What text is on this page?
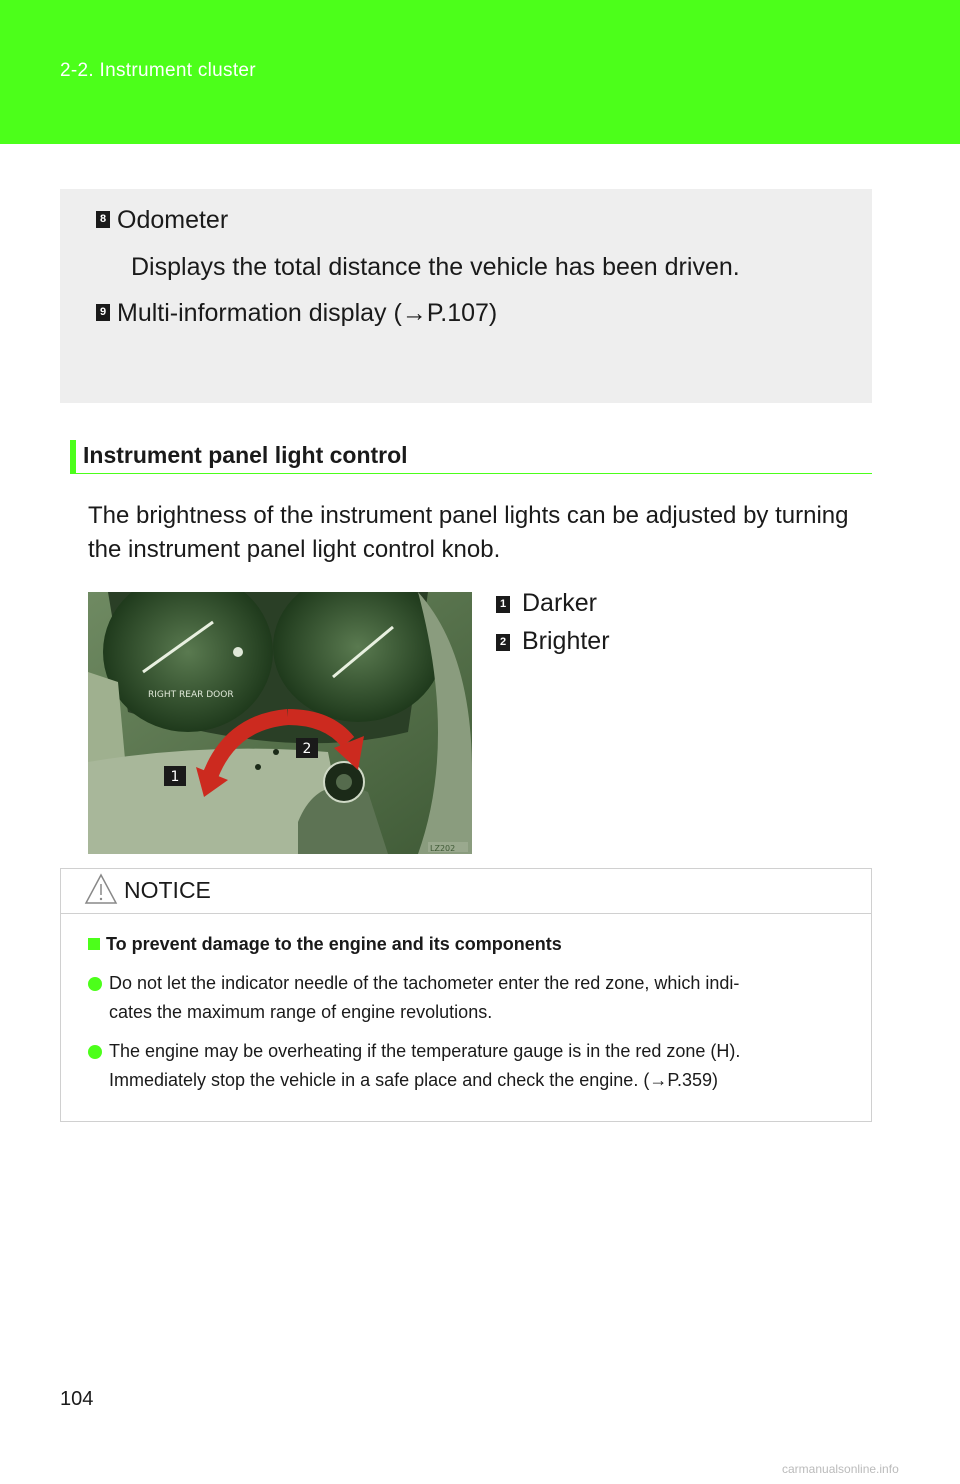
2-2. Instrument cluster
8 Odometer
Displays the total distance the vehicle has been driven.
9 Multi-information display (→P.107)
Instrument panel light control
The brightness of the instrument panel lights can be adjusted by turning
the instrument panel light control knob.
RIGHT REAR DOOR
1
2
LZ202
1 Darker
2 Brighter
NOTICE
To prevent damage to the engine and its components
Do not let the indicator needle of the tachometer enter the red zone, which indi-
cates the maximum range of engine revolutions.
The engine may be overheating if the temperature gauge is in the red zone (H).
Immediately stop the vehicle in a safe place and check the engine. (→P.359)
104
carmanualsonline.info
